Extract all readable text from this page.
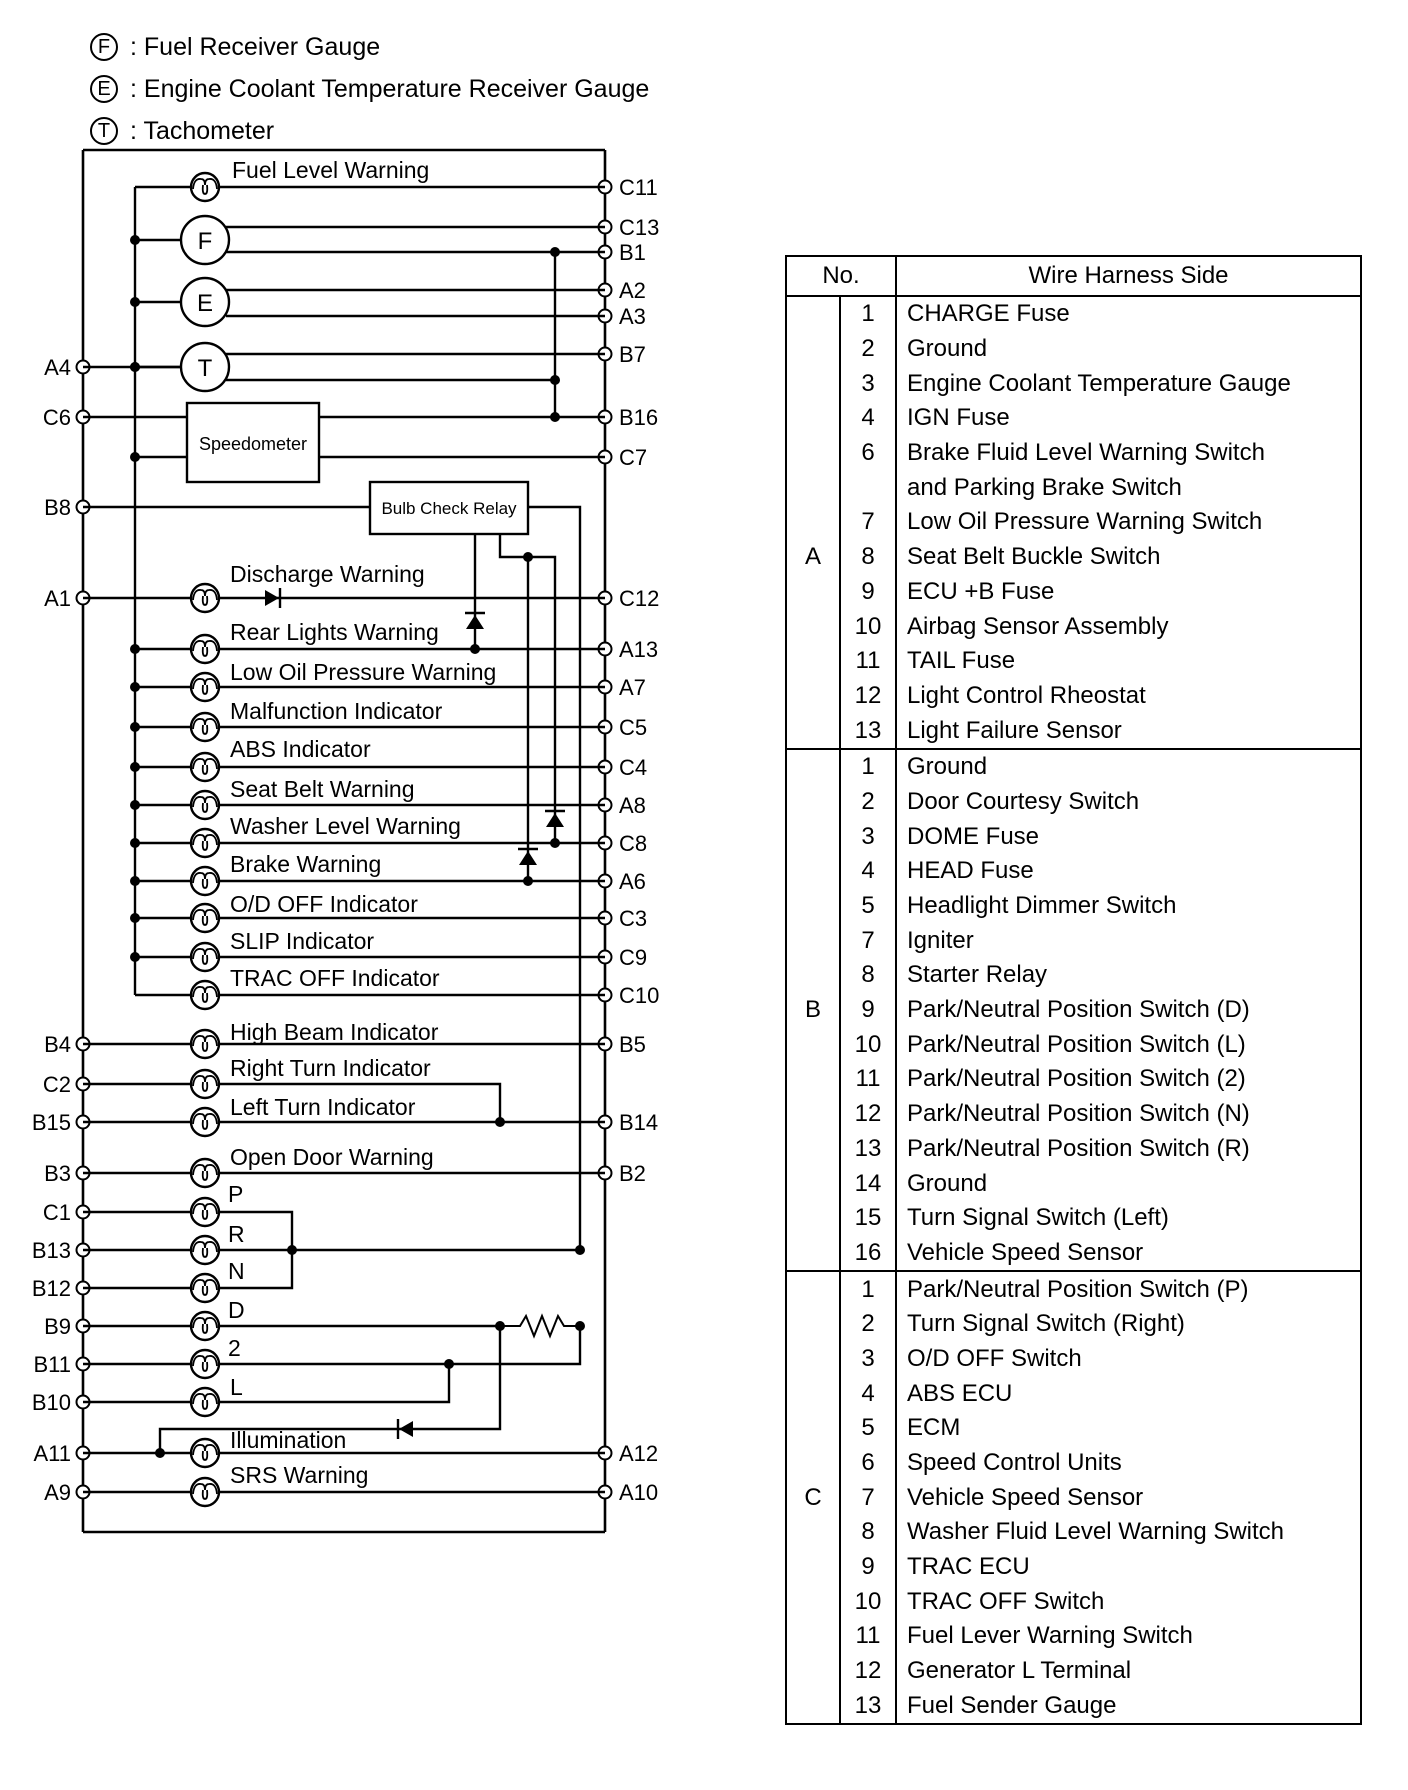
F : Fuel Receiver Gauge
E : Engine Coolant Temperature Receiver Gauge
T : Tachometer
A4
C6
B8
A1
B4
C2
B15
B3
C1
B13
B12
B9
B11
B10
A11
A9
C11
C13
B1
A2
A3
B7
B16
C7
C12
A13
A7
C5
C4
A8
C8
A6
C3
C9
C10
B5
B14
B2
A12
A10
Fuel Level Warning
F
E
T
Speedometer
Bulb Check Relay
Discharge Warning
Rear Lights Warning
Low Oil Pressure Warning
Malfunction Indicator
ABS Indicator
Seat Belt Warning
Washer Level Warning
Brake Warning
O/D OFF Indicator
SLIP Indicator
TRAC OFF Indicator
High Beam Indicator
Right Turn Indicator
Left Turn Indicator
Open Door Warning
P
R
N
D
2
L
Illumination
SRS Warning
No.		Wire Harness Side
	1	CHARGE Fuse
	2	Ground
	3	Engine Coolant Temperature Gauge
	4	IGN Fuse
	6	Brake Fluid Level Warning Switch
		and Parking Brake Switch
	7	Low Oil Pressure Warning Switch
A	8	Seat Belt Buckle Switch
	9	ECU +B Fuse
	10	Airbag Sensor Assembly
	11	TAIL Fuse
	12	Light Control Rheostat
	13	Light Failure Sensor
	1	Ground
	2	Door Courtesy Switch
	3	DOME Fuse
	4	HEAD Fuse
	5	Headlight Dimmer Switch
	7	Igniter
	8	Starter Relay
B	9	Park/Neutral Position Switch (D)
	10	Park/Neutral Position Switch (L)
	11	Park/Neutral Position Switch (2)
	12	Park/Neutral Position Switch (N)
	13	Park/Neutral Position Switch (R)
	14	Ground
	15	Turn Signal Switch (Left)
	16	Vehicle Speed Sensor
	1	Park/Neutral Position Switch (P)
	2	Turn Signal Switch (Right)
	3	O/D OFF Switch
	4	ABS ECU
	5	ECM
	6	Speed Control Units
C	7	Vehicle Speed Sensor
	8	Washer Fluid Level Warning Switch
	9	TRAC ECU
	10	TRAC OFF Switch
	11	Fuel Lever Warning Switch
	12	Generator L Terminal
	13	Fuel Sender Gauge
